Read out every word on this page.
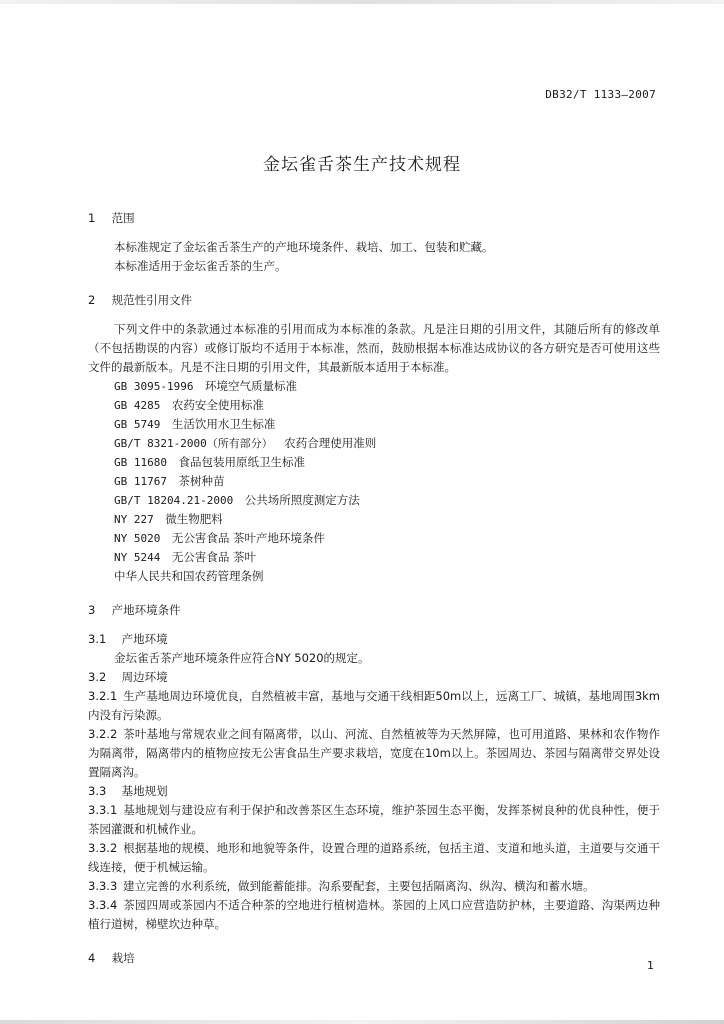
DB32/T 1133—2007
金坛雀舌茶生产技术规程
1 范围

本标准规定了金坛雀舌茶生产的产地环境条件、栽培、加工、包装和贮藏。

本标准适用于金坛雀舌茶的生产。

2 规范性引用文件

下列文件中的条款通过本标准的引用而成为本标准的条款。凡是注日期的引用文件，其随后所有的修改单（不包括勘误的内容）或修订版均不适用于本标准，然而，鼓励根据本标准达成协议的各方研究是否可使用这些文件的最新版本。凡是不注日期的引用文件，其最新版本适用于本标准。

GB 3095-1996   环境空气质量标准

GB 4285   农药安全使用标准

GB 5749   生活饮用水卫生标准

GB/T 8321-2000（所有部分）   农药合理使用准则

GB 11680   食品包装用原纸卫生标准

GB 11767   茶树种苗

GB/T 18204.21-2000   公共场所照度测定方法

NY 227   微生物肥料

NY 5020   无公害食品 茶叶产地环境条件

NY 5244   无公害食品 茶叶

中华人民共和国农药管理条例

3 产地环境条件
3.1 产地环境

金坛雀舌茶产地环境条件应符合NY 5020的规定。

3.2 周边环境

3.2.1  生产基地周边环境优良，自然植被丰富，基地与交通干线相距50m以上，远离工厂、城镇，基地周围3km内没有污染源。

3.2.2  茶叶基地与常规农业之间有隔离带，以山、河流、自然植被等为天然屏障，也可用道路、果林和农作物作为隔离带，隔离带内的植物应按无公害食品生产要求栽培，宽度在10m以上。茶园周边、茶园与隔离带交界处设置隔离沟。

3.3 基地规划

3.3.1  基地规划与建设应有利于保护和改善茶区生态环境，维护茶园生态平衡，发挥茶树良种的优良种性，便于茶园灌溉和机械作业。

3.3.2  根据基地的规模、地形和地貌等条件，设置合理的道路系统，包括主道、支道和地头道，主道要与交通干线连接，便于机械运输。

3.3.3  建立完善的水利系统，做到能蓄能排。沟系要配套，主要包括隔离沟、纵沟、横沟和蓄水塘。

3.3.4  茶园四周或茶园内不适合种茶的空地进行植树造林。茶园的上风口应营造防护林，主要道路、沟渠两边种植行道树，梯壁坎边种草。

4 栽培
1
